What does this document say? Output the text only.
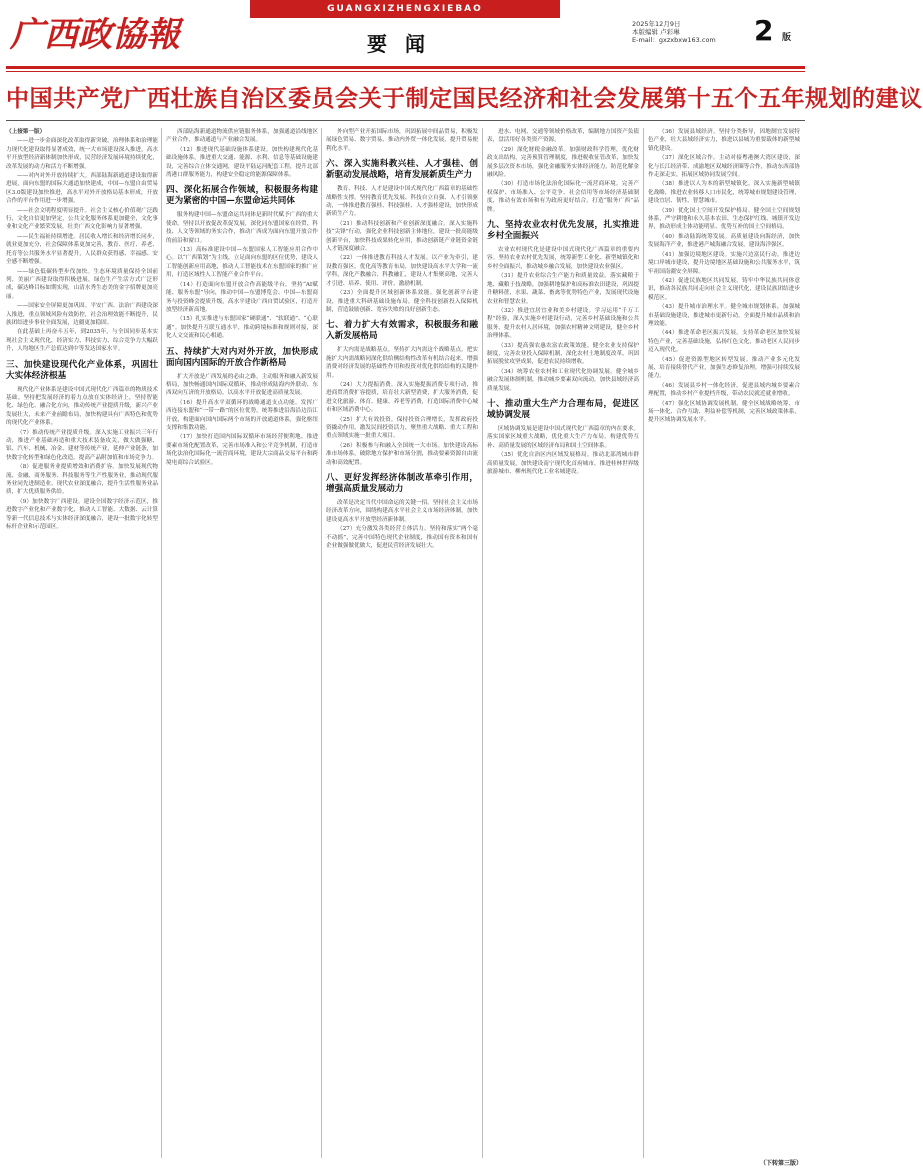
广西政協報
GUANGXIZHENGXIEBAO
要闻
2025年12月9日
本版编辑 卢彩琳
E-mail：gxzxbxw163.com	2 版
中国共产党广西壮族自治区委员会关于制定国民经济和社会发展第十五个五年规划的建议

（上接第一版）

——进一步金面深化改革取得新突破。治理体系和治理能力现代化建设取得显著成效，统一大市场建设深入推进，高水平开放型经济新体制加快形成，民营经济发展环境持续优化，改革发展的动力和活力不断增强。

——对内对外开放持续扩大。西部陆海新通道建设取得新进展，面向东盟的国际大通道加快建成，中国—东盟自由贸易区3.0版建设加快推进，高水平对外开放格局基本形成，开放合作的平台作用进一步增强。

——社会文明程度明显提升。社会主义核心价值观广泛践行，文化自信更加坚定，公共文化服务体系更加健全，文化事业和文化产业繁荣发展，壮美广西文化影响力显著增强。

——民生福祉持续增进。居民收入增长和经济增长同步，就业更加充分，社会保障体系更加完善，教育、医疗、养老、托育等公共服务水平显著提升，人民群众获得感、幸福感、安全感不断增强。

——绿色低碳转型步伐加快。生态环境质量保持全国前列，美丽广西建设取得积极进展，绿色生产生活方式广泛形成，碳达峰目标如期实现，山清水秀生态美的金字招牌更加亮丽。

——国家安全屏障更加巩固。平安广西、法治广西建设深入推进，重点领域风险有效防控，社会治理效能不断提升，民族团结进步事业全面发展，边疆更加稳固。

在此基础上再奋斗五年，到2035年，与全国同步基本实现社会主义现代化，经济实力、科技实力、综合竞争力大幅跃升，人均地区生产总值达到中等发达国家水平。

三、加快建设现代化产业体系，巩固壮大实体经济根基

现代化产业体系是建设中国式现代化广西篇章的物质技术基础。坚持把发展经济的着力点放在实体经济上，坚持智能化、绿色化、融合化方向，推动传统产业提质升级，新兴产业发展壮大，未来产业前瞻布局，加快构建具有广西特色和优势的现代化产业体系。

（7）推动传统产业提质升级。深入实施工业振兴三年行动，推进产业基础再造和重大技术装备攻关，做大做强糖、铝、汽车、机械、冶金、建材等传统产业，延伸产业链条，加快数字化转型和绿色化改造，提高产品附加值和市场竞争力。

（8）促进服务业提质增效和消费扩容。加快发展现代物流、金融、商务服务、科技服务等生产性服务业，推动现代服务业同先进制造业、现代农业深度融合，提升生活性服务业品质，扩大优质服务供给。

（9）加快数字广西建设。建设全国数字经济示范区，推进数字产业化和产业数字化，推动人工智能、大数据、云计算等新一代信息技术与实体经济深度融合，建设一批数字化转型标杆企业和示范园区。

西部陆海新通道物流供应链服务体系，加强通道沿线地区产业合作，推动通道与产业融合发展。

（12）推进现代基础设施体系建设。加快构建现代化基础设施体系，推进重大交通、能源、水利、信息等基础设施建设，完善综合立体交通网，建设平陆运河配套工程，提升北部湾港口群服务能力，构建安全稳定的能源保障体系。

四、深化拓展合作领域，积极服务构建更为紧密的中国—东盟命运共同体

服务构建中国—东盟命运共同体是新时代赋予广西的重大使命。坚持以开放促改革促发展，深化同东盟国家在经贸、科技、人文等领域的务实合作，推动广西成为面向东盟开放合作的前沿和窗口。

（13）高标准建设中国—东盟国家人工智能应用合作中心。以“广西策划”为主线，立足面向东盟的区位优势，建设人工智能创新应用高地，推动人工智能技术在东盟国家的推广应用，打造区域性人工智能产业合作平台。

（14）打造面向东盟开放合作高能级平台。坚持“AI赋能、服务东盟”导向，推动中国—东盟博览会、中国—东盟商务与投资峰会提质升级，高水平建设广西自贸试验区，打造开放型经济新高地。

（15）扎实推进与东盟国家“硬联通”、“软联通”、“心联通”。加快提升互联互通水平，推动跨境标准和规则对接，深化人文交流和民心相通。

五、持续扩大对内对外开放，加快形成面向国内国际的开放合作新格局

扩大开放是广西发展的必由之路。主动服务和融入新发展格局，加快畅通国内国际双循环，推动形成陆海内外联动、东西双向互济的开放格局，以高水平开放促进高质量发展。

（16）提升高水平双循环的战略通道支点功能。发挥广西连接东盟和“一带一路”的区位优势，统筹推进沿海沿边沿江开放，构建面向国内国际两个市场的开放通道体系，强化枢纽支撑和集散功能。

（17）加快打造国内国际双循环市场经营便利地。推进要素市场化配置改革，完善市场准入和公平竞争机制，打造市场化法治化国际化一流营商环境，建设大宗商品交易平台和跨境电商综合试验区。

外向型产业开拓国际市场，巩固拓展中间品贸易，积极发展绿色贸易、数字贸易，推动内外贸一体化发展，提升贸易便利化水平。

六、深入实施科教兴桂、人才强桂、创新驱动发展战略，培育发展新质生产力

教育、科技、人才是建设中国式现代化广西篇章的基础性战略性支撑。坚持教育优先发展、科技自立自强、人才引领驱动，一体推进教育强桂、科技强桂、人才强桂建设，加快形成新质生产力。

（21）推动科技创新和产业创新深度融合。深入实施科技“尖锋”行动，强化企业科技创新主体地位，建设一批高能级创新平台，加快科技成果转化应用，推动创新链产业链资金链人才链深度融合。

（22）一体推进教育科技人才发展。以产业为牵引，建设教育强区，优化高等教育布局，加快建设高水平大学和一流学科，深化产教融合、科教融汇，建设人才集聚高地，完善人才引进、培养、使用、评价、激励机制。

（23）全面提升区域创新体系效能。强化创新平台建设，推进重大科研基础设施布局，健全科技创新投入保障机制，营造鼓励创新、宽容失败的良好创新生态。

七、着力扩大有效需求，积极服务和融入新发展格局

扩大内需是战略基点。坚持扩大内需这个战略基点，把实施扩大内需战略同深化供给侧结构性改革有机结合起来，增强消费对经济发展的基础性作用和投资对优化供给结构的关键作用。

（24）大力提振消费。深入实施提振消费专项行动，推进商贸消费扩容提质，培育壮大新型消费，扩大服务消费，促进文化旅游、体育、健康、养老等消费，打造国际消费中心城市和区域消费中心。

（25）扩大有效投资。保持投资合理增长，发挥政府投资撬动作用，激发民间投资活力，聚焦重大战略、重大工程和重点领域实施一批重大项目。

（26）积极参与和融入全国统一大市场。加快建设高标准市场体系，破除地方保护和市场分割，推动要素资源自由流动和高效配置。

八、更好发挥经济体制改革牵引作用，增强高质量发展动力

改革是决定当代中国命运的关键一招。坚持社会主义市场经济改革方向，围绕构建高水平社会主义市场经济体制，加快建设更高水平开放型经济新体制。

（27）充分激发各类经营主体活力。坚持和落实“两个毫不动摇”，完善中国特色现代企业制度，推动国有资本和国有企业做强做优做大，促进民营经济发展壮大。

进水、电网、交通等领域价格改革，编制地方国资产负债表，盘活用好各类资产资源。

（29）深化财税金融改革。加强财政科学管理，优化财政支出结构，完善预算管理制度，推进税收征管改革，加快发展多层次资本市场，强化金融服务实体经济能力，防范化解金融风险。

（30）打造市场化法治化国际化一流营商环境。完善产权保护、市场准入、公平竞争、社会信用等市场经济基础制度，推动有效市场和有为政府更好结合，打造“服务广西”品牌。

九、坚持农业农村优先发展，扎实推进乡村全面振兴

农业农村现代化是建设中国式现代化广西篇章的重要内容。坚持农业农村优先发展，统筹新型工业化、新型城镇化和乡村全面振兴，推动城乡融合发展，加快建设农业强区。

（31）提升农业综合生产能力和质量效益。落实藏粮于地、藏粮于技战略，加强耕地保护和高标准农田建设，巩固提升糖料蔗、水果、蔬菜、畜禽等优势特色产业，发展现代设施农业和智慧农业。

（32）推进宜居宜业和美乡村建设。学习运用“千万工程”经验，深入实施乡村建设行动，完善乡村基础设施和公共服务，提升农村人居环境，加强农村精神文明建设，健全乡村治理体系。

（33）提高强农惠农富农政策效能。健全农业支持保护制度，完善农业投入保障机制，深化农村土地制度改革，巩固拓展脱贫攻坚成果，促进农民持续增收。

（34）统筹农业农村和工业现代化协调发展。健全城乡融合发展体制机制，推动城乡要素双向流动，加快县域经济高质量发展。

十、推动重大生产力合理布局，促进区域协调发展

区域协调发展是建设中国式现代化广西篇章的内在要求。落实国家区域重大战略，优化重大生产力布局，构建优势互补、高质量发展的区域经济布局和国土空间体系。

（35）优化自治区内区域发展格局。推动北部湾城市群高质量发展，加快建设南宁现代化首府城市，推进桂林世界级旅游城市、柳州现代化工业名城建设。

（36）发展县域经济。坚持分类指导，因地制宜发展特色产业，壮大县域经济实力，推进以县城为重要载体的新型城镇化建设。

（37）深化区域合作。主动对接粤港澳大湾区建设，深化与长江经济带、成渝地区双城经济圈等合作，推动东西部协作走深走实，拓展区域协同发展空间。

（38）推进以人为本的新型城镇化。深入实施新型城镇化战略，推进农业转移人口市民化，统筹城市规划建设管理，建设宜居、韧性、智慧城市。

（39）优化国土空间开发保护格局。健全国土空间规划体系，严守耕地和永久基本农田、生态保护红线、城镇开发边界，推动形成主体功能明显、优势互补的国土空间格局。

（40）推动陆海统筹发展。高质量建设向海经济，加快发展海洋产业，推进港产城海融合发展，建设海洋强区。

（41）加强边境地区建设。实施兴边富民行动，推进边境口岸城市建设，提升边境地区基础设施和公共服务水平，筑牢祖国南疆安全屏障。

（42）促进民族地区共同发展。铸牢中华民族共同体意识，推动各民族共同走向社会主义现代化，建设民族团结进步模范区。

（43）提升城市治理水平。健全城市规划体系，加强城市基础设施建设，推进城市更新行动，全面提升城市品质和治理效能。

（44）推进革命老区振兴发展。支持革命老区加快发展特色产业，完善基础设施，弘扬红色文化，推动老区人民同步迈入现代化。

（45）促进资源型地区转型发展。推动产业多元化发展，培育接续替代产业，加强生态修复治理，增强可持续发展能力。

（46）发展县乡村一体化经济。促进县域内城乡要素合理配置，推动乡村产业提档升级，带动农民就近就业增收。

（47）强化区域协调发展机制。健全区域战略统筹、市场一体化、合作互助、利益补偿等机制，完善区域政策体系，提升区域协调发展水平。

（下转第三版）
